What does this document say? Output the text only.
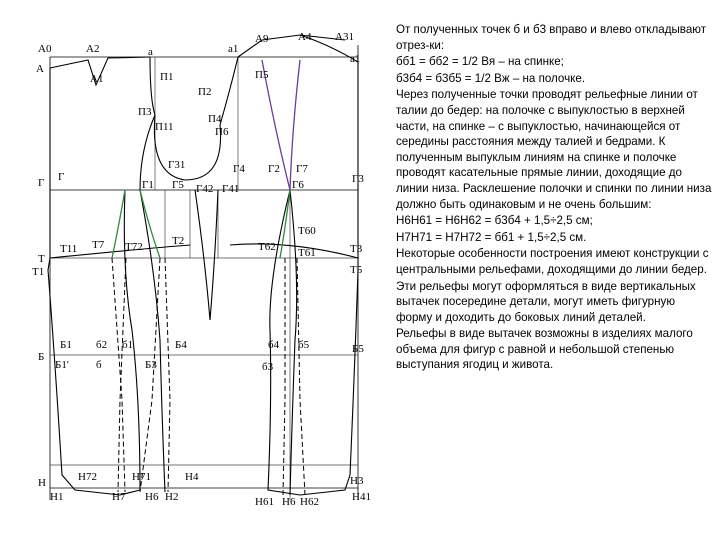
А0	А2	а	а1
А9	А4 А31
А
А1	П1
П2
П5
а1
П3
П4
П11	П6
Г31	Г4 Г2 Г7
Г Г
Г1 Г5 Г42 Г41	Г6	Г3
Т
Т11 Т7 Т72	Т2	Т62
Т60
Т61	Т3
Т1	Т5
Б
Б1
Б1'
б2 б1
б	Б3
Б4	б4 б5
б3
Б5
Н	Н72	Н71	Н4	Н3
Н1	Н7 Н6 Н2	Н61 Н6 Н62	Н41

От полученных точек б и б3 вправо и влево откладывают отрез-ки:

бб1 = бб2 = 1/2 Вя – на спинке;

б3б4 = б3б5 = 1/2 Вж – на полочке.

Через полученные точки проводят рельефные линии от талии до бедер: на полочке с выпуклостью в верхней части, на спинке – с выпуклостью, начинающейся от середины расстояния между талией и бедрами. К полученным выпуклым линиям на спинке и полочке проводят касательные прямые линии, доходящие до линии низа. Расклешение полочки и спинки по линии низа должно быть одинаковым и не очень большим:

Н6Н61 = Н6Н62 = б3б4 + 1,5÷2,5 см;

Н7Н71 = Н7Н72 = бб1 + 1,5÷2,5 см.

Некоторые особенности построения имеют конструкции с центральными рельефами, доходящими до линии бедер.

Эти рельефы могут оформляться в виде вертикальных вытачек посередине детали, могут иметь фигурную форму и доходить до боковых линий деталей.

Рельефы в виде вытачек возможны в изделиях малого объема для фигур с равной и небольшой степенью выступания ягодиц и живота.
